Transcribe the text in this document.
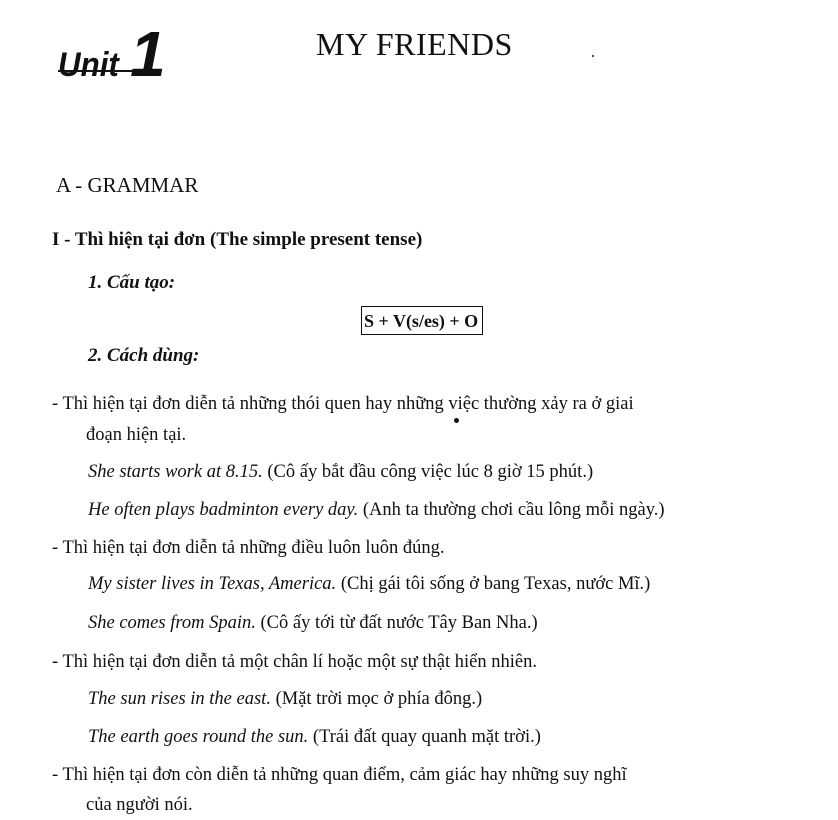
Unit 1	MY FRIENDS
A - GRAMMAR
I - Thì hiện tại đơn (The simple present tense)
1. Cấu tạo:
S + V(s/es) + O
2. Cách dùng:
- Thì hiện tại đơn diễn tả những thói quen hay những việc thường xảy ra ở giai
đoạn hiện tại.
She starts work at 8.15. (Cô ấy bắt đầu công việc lúc 8 giờ 15 phút.)
He often plays badminton every day. (Anh ta thường chơi cầu lông mỗi ngày.)
- Thì hiện tại đơn diễn tả những điều luôn luôn đúng.
My sister lives in Texas, America. (Chị gái tôi sống ở bang Texas, nước Mĩ.)
She comes from Spain. (Cô ấy tới từ đất nước Tây Ban Nha.)
- Thì hiện tại đơn diễn tả một chân lí hoặc một sự thật hiển nhiên.
The sun rises in the east. (Mặt trời mọc ở phía đông.)
The earth goes round the sun. (Trái đất quay quanh mặt trời.)
- Thì hiện tại đơn còn diễn tả những quan điểm, cảm giác hay những suy nghĩ
của người nói.
